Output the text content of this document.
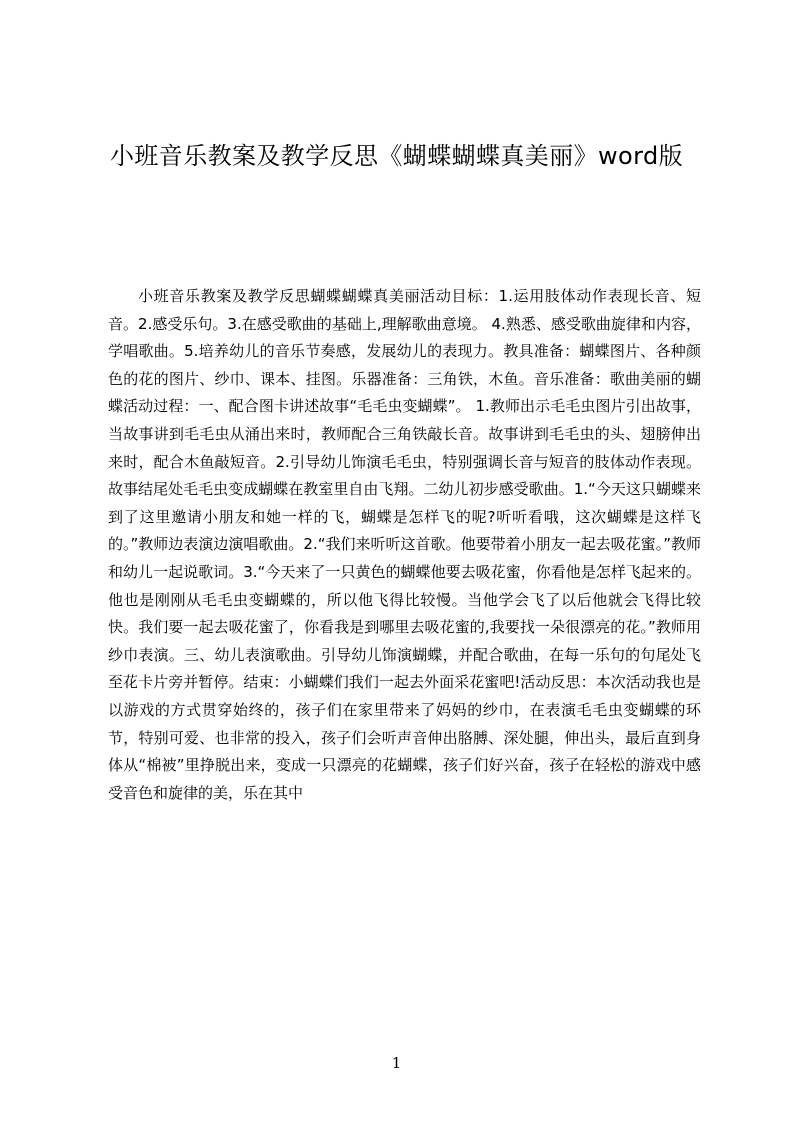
小班音乐教案及教学反思《蝴蝶蝴蝶真美丽》word版

小班音乐教案及教学反思蝴蝶蝴蝶真美丽活动目标：1.运用肢体动作表现长音、短音。2.感受乐句。3.在感受歌曲的基础上,理解歌曲意境。 4.熟悉、感受歌曲旋律和内容，学唱歌曲。5.培养幼儿的音乐节奏感，发展幼儿的表现力。教具准备：蝴蝶图片、各种颜色的花的图片、纱巾、课本、挂图。乐器准备：三角铁，木鱼。音乐准备：歌曲美丽的蝴蝶活动过程：一、配合图卡讲述故事“毛毛虫变蝴蝶”。 1.教师出示毛毛虫图片引出故事，当故事讲到毛毛虫从涌出来时，教师配合三角铁敲长音。故事讲到毛毛虫的头、翅膀伸出来时，配合木鱼敲短音。2.引导幼儿饰演毛毛虫，特别强调长音与短音的肢体动作表现。故事结尾处毛毛虫变成蝴蝶在教室里自由飞翔。二幼儿初步感受歌曲。1.“今天这只蝴蝶来到了这里邀请小朋友和她一样的飞，蝴蝶是怎样飞的呢?听听看哦，这次蝴蝶是这样飞的。”教师边表演边演唱歌曲。2.“我们来听听这首歌。他要带着小朋友一起去吸花蜜。”教师和幼儿一起说歌词。3.“今天来了一只黄色的蝴蝶他要去吸花蜜，你看他是怎样飞起来的。他也是刚刚从毛毛虫变蝴蝶的，所以他飞得比较慢。当他学会飞了以后他就会飞得比较快。我们要一起去吸花蜜了，你看我是到哪里去吸花蜜的,我要找一朵很漂亮的花。”教师用纱巾表演。三、幼儿表演歌曲。引导幼儿饰演蝴蝶，并配合歌曲，在每一乐句的句尾处飞至花卡片旁并暂停。结束：小蝴蝶们我们一起去外面采花蜜吧!活动反思：本次活动我也是以游戏的方式贯穿始终的，孩子们在家里带来了妈妈的纱巾，在表演毛毛虫变蝴蝶的环节，特别可爱、也非常的投入，孩子们会听声音伸出胳膊、深处腿，伸出头，最后直到身体从“棉被”里挣脱出来，变成一只漂亮的花蝴蝶，孩子们好兴奋，孩子在轻松的游戏中感受音色和旋律的美，乐在其中

1
